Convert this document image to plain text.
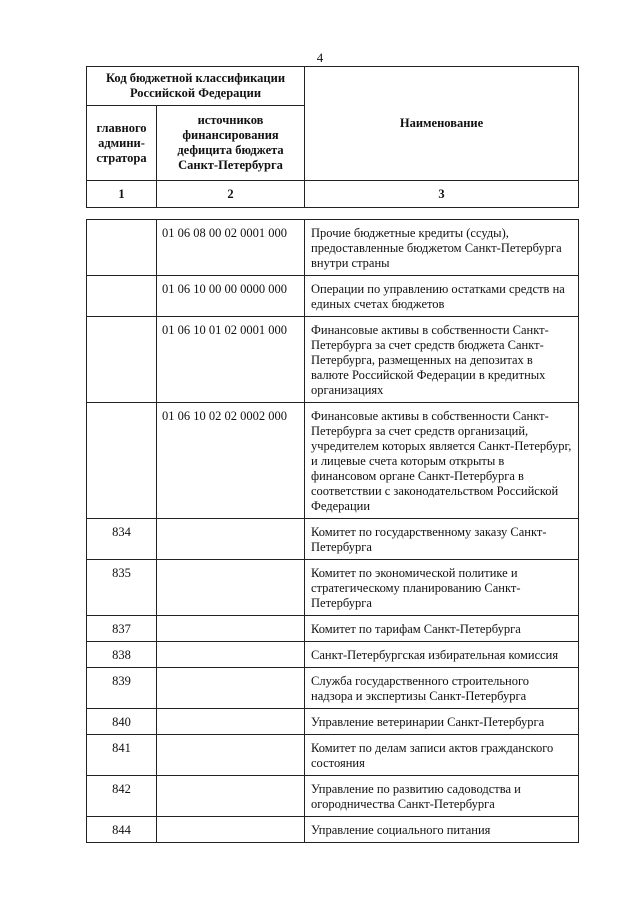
4
Код бюджетной классификации Российской Федерации		Наименование
главного админи-стратора	источников финансирования дефицита бюджета Санкт-Петербурга	
1	2	3
	01 06 08 00 02 0001 000	Прочие бюджетные кредиты (ссуды), предоставленные бюджетом Санкт-Петербурга внутри страны
	01 06 10 00 00 0000 000	Операции по управлению остатками средств на единых счетах бюджетов
	01 06 10 01 02 0001 000	Финансовые активы в собственности Санкт-Петербурга за счет средств бюджета Санкт-Петербурга, размещенных на депозитах в валюте Российской Федерации в кредитных организациях
	01 06 10 02 02 0002 000	Финансовые активы в собственности Санкт-Петербурга за счет средств организаций, учредителем которых является Санкт-Петербург, и лицевые счета которым открыты в финансовом органе Санкт-Петербурга в соответствии с законодательством Российской Федерации
834		Комитет по государственному заказу Санкт-Петербурга
835		Комитет по экономической политике и стратегическому планированию Санкт-Петербурга
837		Комитет по тарифам Санкт-Петербурга
838		Санкт-Петербургская избирательная комиссия
839		Служба государственного строительного надзора и экспертизы Санкт-Петербурга
840		Управление ветеринарии Санкт-Петербурга
841		Комитет по делам записи актов гражданского состояния
842		Управление по развитию садоводства и огородничества Санкт-Петербурга
844		Управление социального питания
